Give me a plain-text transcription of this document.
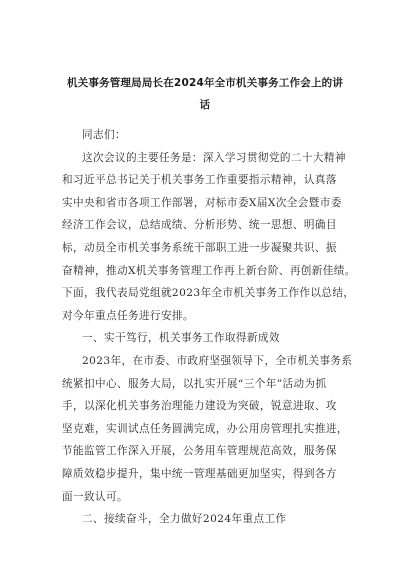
机关事务管理局局长在2024年全市机关事务工作会上的讲
话
同志们：
这次会议的主要任务是：深入学习贯彻党的二十大精神
和习近平总书记关于机关事务工作重要指示精神，认真落
实中央和省市各项工作部署，对标市委X届X次全会暨市委
经济工作会议，总结成绩、分析形势、统一思想、明确目
标，动员全市机关事务系统干部职工进一步凝聚共识、振
奋精神，推动X机关事务管理工作再上新台阶、再创新佳绩。
下面，我代表局党组就2023年全市机关事务工作作以总结，
对今年重点任务进行安排。
一、实干笃行，机关事务工作取得新成效
2023年，在市委、市政府坚强领导下，全市机关事务系
统紧扣中心、服务大局，以扎实开展“三个年”活动为抓
手，以深化机关事务治理能力建设为突破，锐意进取、攻
坚克难，实训试点任务圆满完成，办公用房管理扎实推进，
节能监管工作深入开展，公务用车管理规范高效，服务保
障质效稳步提升，集中统一管理基础更加坚实，得到各方
面一致认可。
二、接续奋斗，全力做好2024年重点工作
